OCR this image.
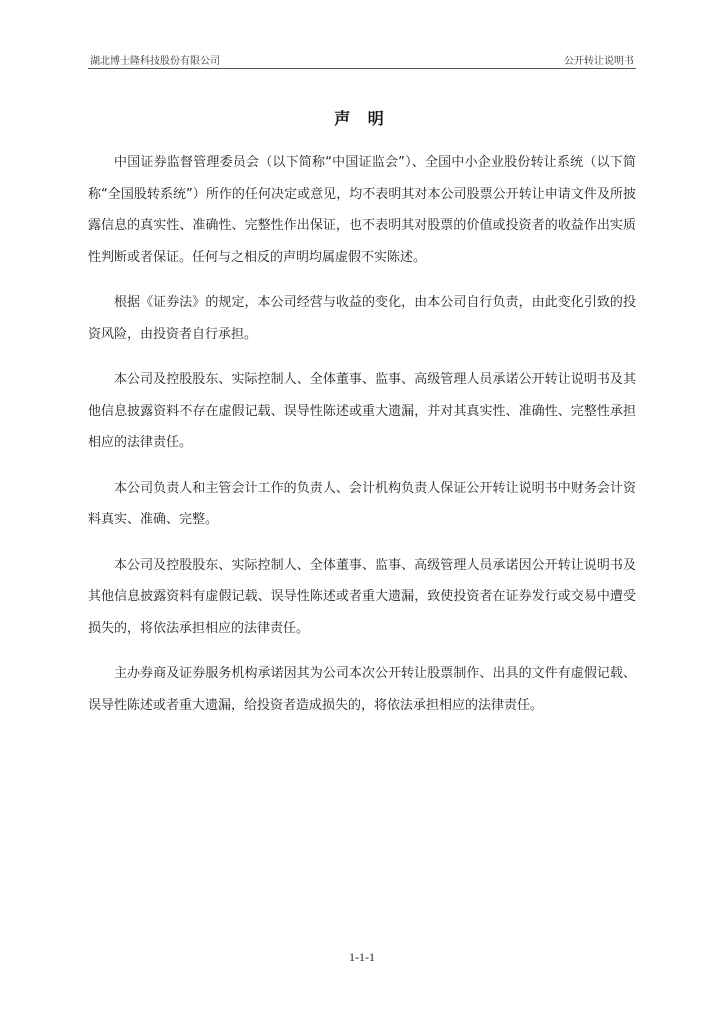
湖北博士隆科技股份有限公司	公开转让说明书
声 明

中国证券监督管理委员会（以下简称“中国证监会”）、全国中小企业股份转让系统（以下简称“全国股转系统”）所作的任何决定或意见，均不表明其对本公司股票公开转让申请文件及所披露信息的真实性、准确性、完整性作出保证，也不表明其对股票的价值或投资者的收益作出实质性判断或者保证。任何与之相反的声明均属虚假不实陈述。

根据《证券法》的规定，本公司经营与收益的变化，由本公司自行负责，由此变化引致的投资风险，由投资者自行承担。

本公司及控股股东、实际控制人、全体董事、监事、高级管理人员承诺公开转让说明书及其他信息披露资料不存在虚假记载、误导性陈述或重大遗漏，并对其真实性、准确性、完整性承担相应的法律责任。

本公司负责人和主管会计工作的负责人、会计机构负责人保证公开转让说明书中财务会计资料真实、准确、完整。

本公司及控股股东、实际控制人、全体董事、监事、高级管理人员承诺因公开转让说明书及其他信息披露资料有虚假记载、误导性陈述或者重大遗漏，致使投资者在证券发行或交易中遭受损失的，将依法承担相应的法律责任。

主办券商及证券服务机构承诺因其为公司本次公开转让股票制作、出具的文件有虚假记载、误导性陈述或者重大遗漏，给投资者造成损失的，将依法承担相应的法律责任。

1-1-1
